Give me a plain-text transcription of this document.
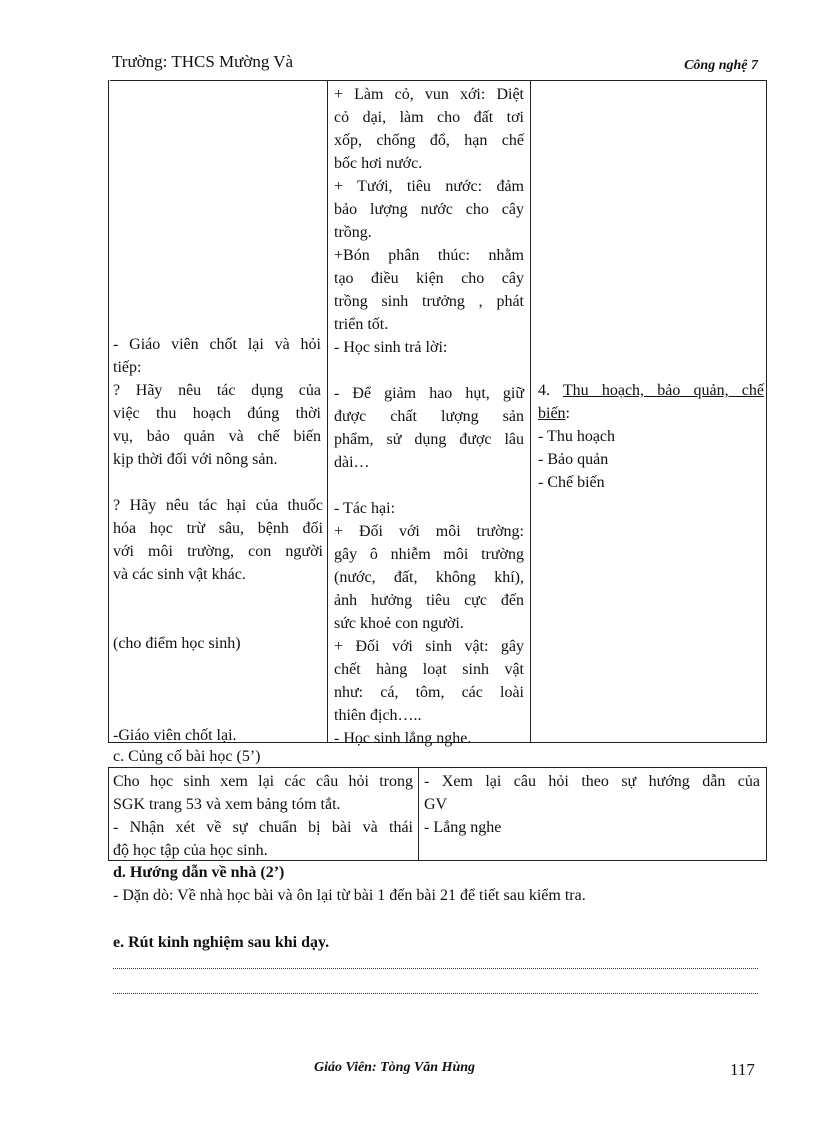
Trường: THCS Mường Và	Công nghệ 7
- Giáo viên chốt lại và hỏi
tiếp:
? Hãy nêu tác dụng của
việc thu hoạch đúng thời
vụ, bảo quản và chế biến
kịp thời đối với nông sản.
? Hãy nêu tác hại của thuốc
hóa học trừ sâu, bệnh đối
với môi trường, con người
và các sinh vật khác.
(cho điểm học sinh)
-Giáo viên chốt lại.
+ Làm cỏ, vun xới: Diệt
cỏ dại, làm cho đất tơi
xốp, chống đổ, hạn chế
bốc hơi nước.
+ Tưới, tiêu nước: đảm
bảo lượng nước cho cây
trồng.
+Bón phân thúc: nhằm
tạo điều kiện cho cây
trồng sinh trưởng , phát
triển tốt.
- Học sinh trả lời:

- Để giảm hao hụt, giữ
được chất lượng sản
phẩm, sử dụng được lâu
dài…

- Tác hại:
+ Đối với môi trường:
gây ô nhiễm môi trường
(nước, đất, không khí),
ảnh hưởng tiêu cực đến
sức khoẻ con người.
+ Đối với sinh vật: gây
chết hàng loạt sinh vật
như: cá, tôm, các loài
thiên địch…..
- Học sinh lắng nghe.
4. Thu hoạch, bảo quản, chế
biến:
- Thu hoạch
- Bảo quản
- Chế biến
c. Củng cố bài học (5’)
Cho học sinh xem lại các câu hỏi trong
SGK trang 53 và xem bảng tóm tắt.
- Nhận xét về sự chuẩn bị bài và thái
độ học tập của học sinh.
- Xem lại câu hỏi theo sự hướng dẫn của
GV
- Lắng nghe
d. Hướng dẫn về nhà (2’)
- Dặn dò: Về nhà học bài và ôn lại từ bài 1 đến bài 21 để tiết sau kiểm tra.
e. Rút kinh nghiệm sau khi dạy.
Giáo Viên: Tòng Văn Hùng	117
